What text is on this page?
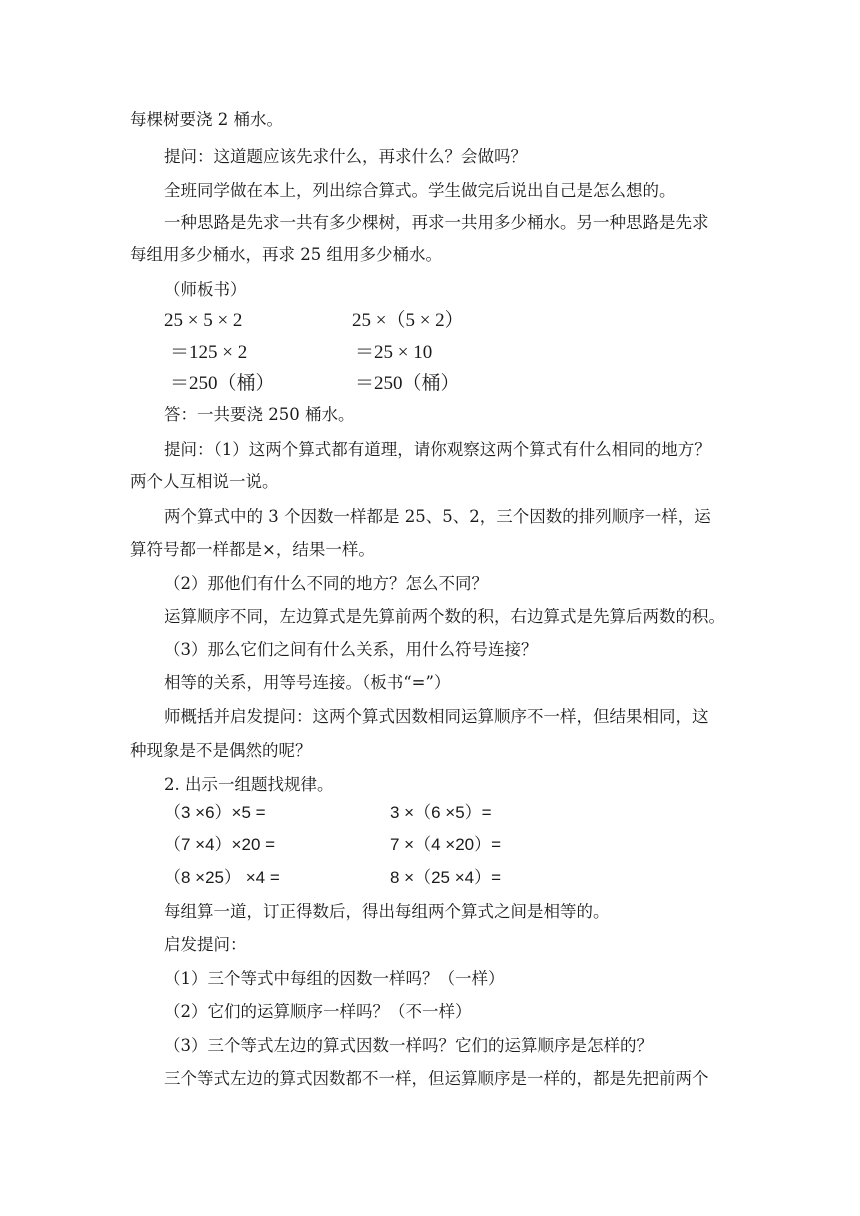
每棵树要浇 2 桶水。
提问：这道题应该先求什么，再求什么？会做吗？
全班同学做在本上，列出综合算式。学生做完后说出自己是怎么想的。
一种思路是先求一共有多少棵树，再求一共用多少桶水。另一种思路是先求
每组用多少桶水，再求 25 组用多少桶水。
（师板书）
25 × 5 × 2
＝125 × 2
＝250（桶）
25 ×（5 × 2）
＝25 × 10
＝250（桶）
答：一共要浇 250 桶水。
提问：（1）这两个算式都有道理，请你观察这两个算式有什么相同的地方？
两个人互相说一说。
两个算式中的 3 个因数一样都是 25、5、2，三个因数的排列顺序一样，运
算符号都一样都是×，结果一样。
（2）那他们有什么不同的地方？怎么不同？
运算顺序不同，左边算式是先算前两个数的积，右边算式是先算后两数的积。
（3）那么它们之间有什么关系，用什么符号连接？
相等的关系，用等号连接。（板书“=”）
师概括并启发提问：这两个算式因数相同运算顺序不一样，但结果相同，这
种现象是不是偶然的呢？
2. 出示一组题找规律。
（3 ×6）×5 =
（7 ×4）×20 =
（8 ×25） ×4 =
3 ×（6 ×5）=
7 ×（4 ×20）=
8 ×（25 ×4）=
每组算一道，订正得数后，得出每组两个算式之间是相等的。
启发提问：
（1）三个等式中每组的因数一样吗？（一样）
（2）它们的运算顺序一样吗？（不一样）
（3）三个等式左边的算式因数一样吗？它们的运算顺序是怎样的？
三个等式左边的算式因数都不一样，但运算顺序是一样的，都是先把前两个
